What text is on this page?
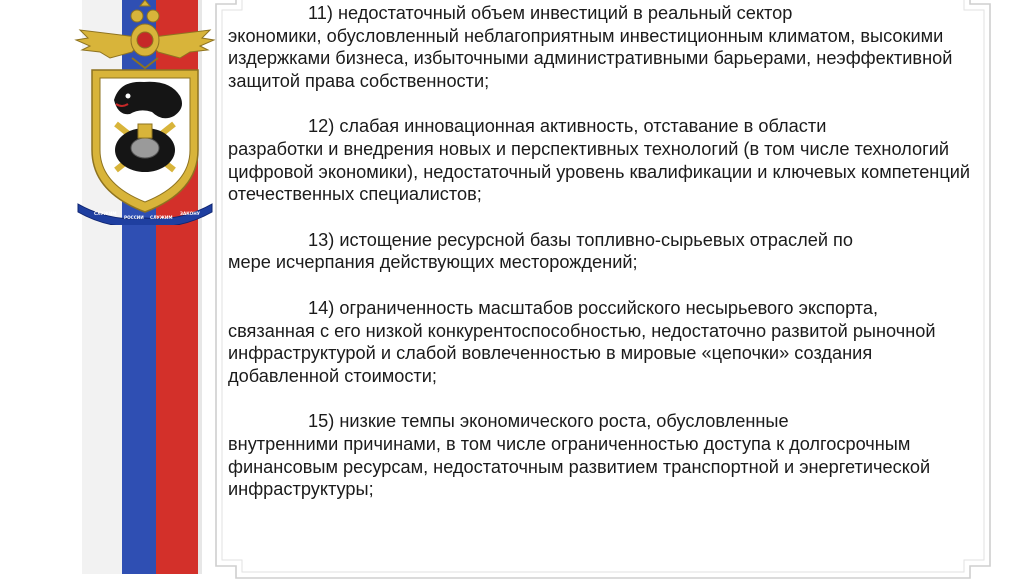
СЛУЖИМ
РОССИИ СЛУЖИМ
ЗАКОНУ
11) недостаточный объем инвестиций в реальный сектор
экономики, обусловленный неблагоприятным инвестиционным климатом, высокими издержками бизнеса, избыточными административными барьерами, неэффективной защитой права собственности;
12) слабая инновационная активность, отставание в области
разработки и внедрения новых и перспективных технологий (в том числе технологий цифровой экономики), недостаточный уровень квалификации и ключевых компетенций отечественных специалистов;
13) истощение ресурсной базы топливно-сырьевых отраслей по
мере исчерпания действующих месторождений;
14) ограниченность масштабов российского несырьевого экспорта,
связанная с его низкой конкурентоспособностью, недостаточно развитой рыночной инфраструктурой и слабой вовлеченностью в мировые «цепочки» создания добавленной стоимости;
15) низкие темпы экономического роста, обусловленные
внутренними причинами, в том числе ограниченностью доступа к долгосрочным финансовым ресурсам, недостаточным развитием транспортной и энергетической инфраструктуры;
